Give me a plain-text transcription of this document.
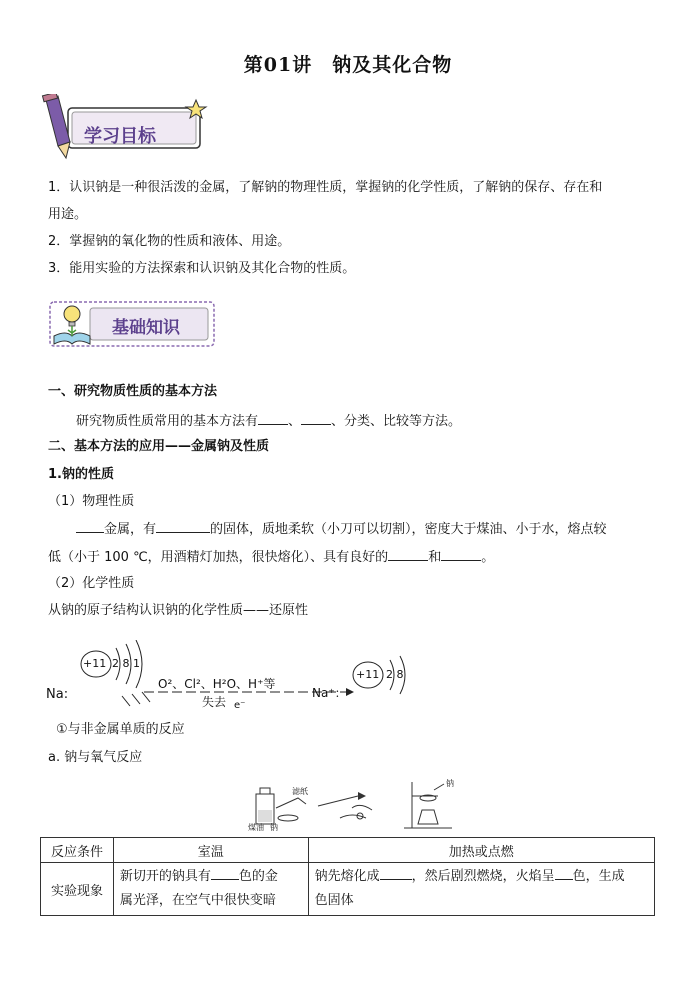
第01讲　钠及其化合物
学习目标
1．认识钠是一种很活泼的金属，了解钠的物理性质，掌握钠的化学性质，了解钠的保存、存在和
用途。
2．掌握钠的氧化物的性质和液体、用途。
3．能用实验的方法探索和认识钠及其化合物的性质。
基础知识
一、研究物质性质的基本方法
研究物质性质常用的基本方法有 、 、分类、比较等方法。
二、基本方法的应用——金属钠及性质
1.钠的性质
（1）物理性质
金属，有	的固体，质地柔软（小刀可以切割），密度大于煤油、小于水，熔点较
低（小于 100 ℃，用酒精灯加热，很快熔化）、具有良好的	和	。
（2）化学性质
从钠的原子结构认识钠的化学性质——还原性
+11 2 8 1
Na:
O²、Cl²、H²O、H⁺等
失去 e⁻
Na⁺：
+11 2 8
①与非金属单质的反应
a. 钠与氧气反应
滤纸
煤油 钠
钠
反应条件	室温	加热或点燃
实验现象	新切开的钠具有 色的金
属光泽，在空气中很快变暗	钠先熔化成 ，然后剧烈燃烧，火焰呈 色，生成
色固体
